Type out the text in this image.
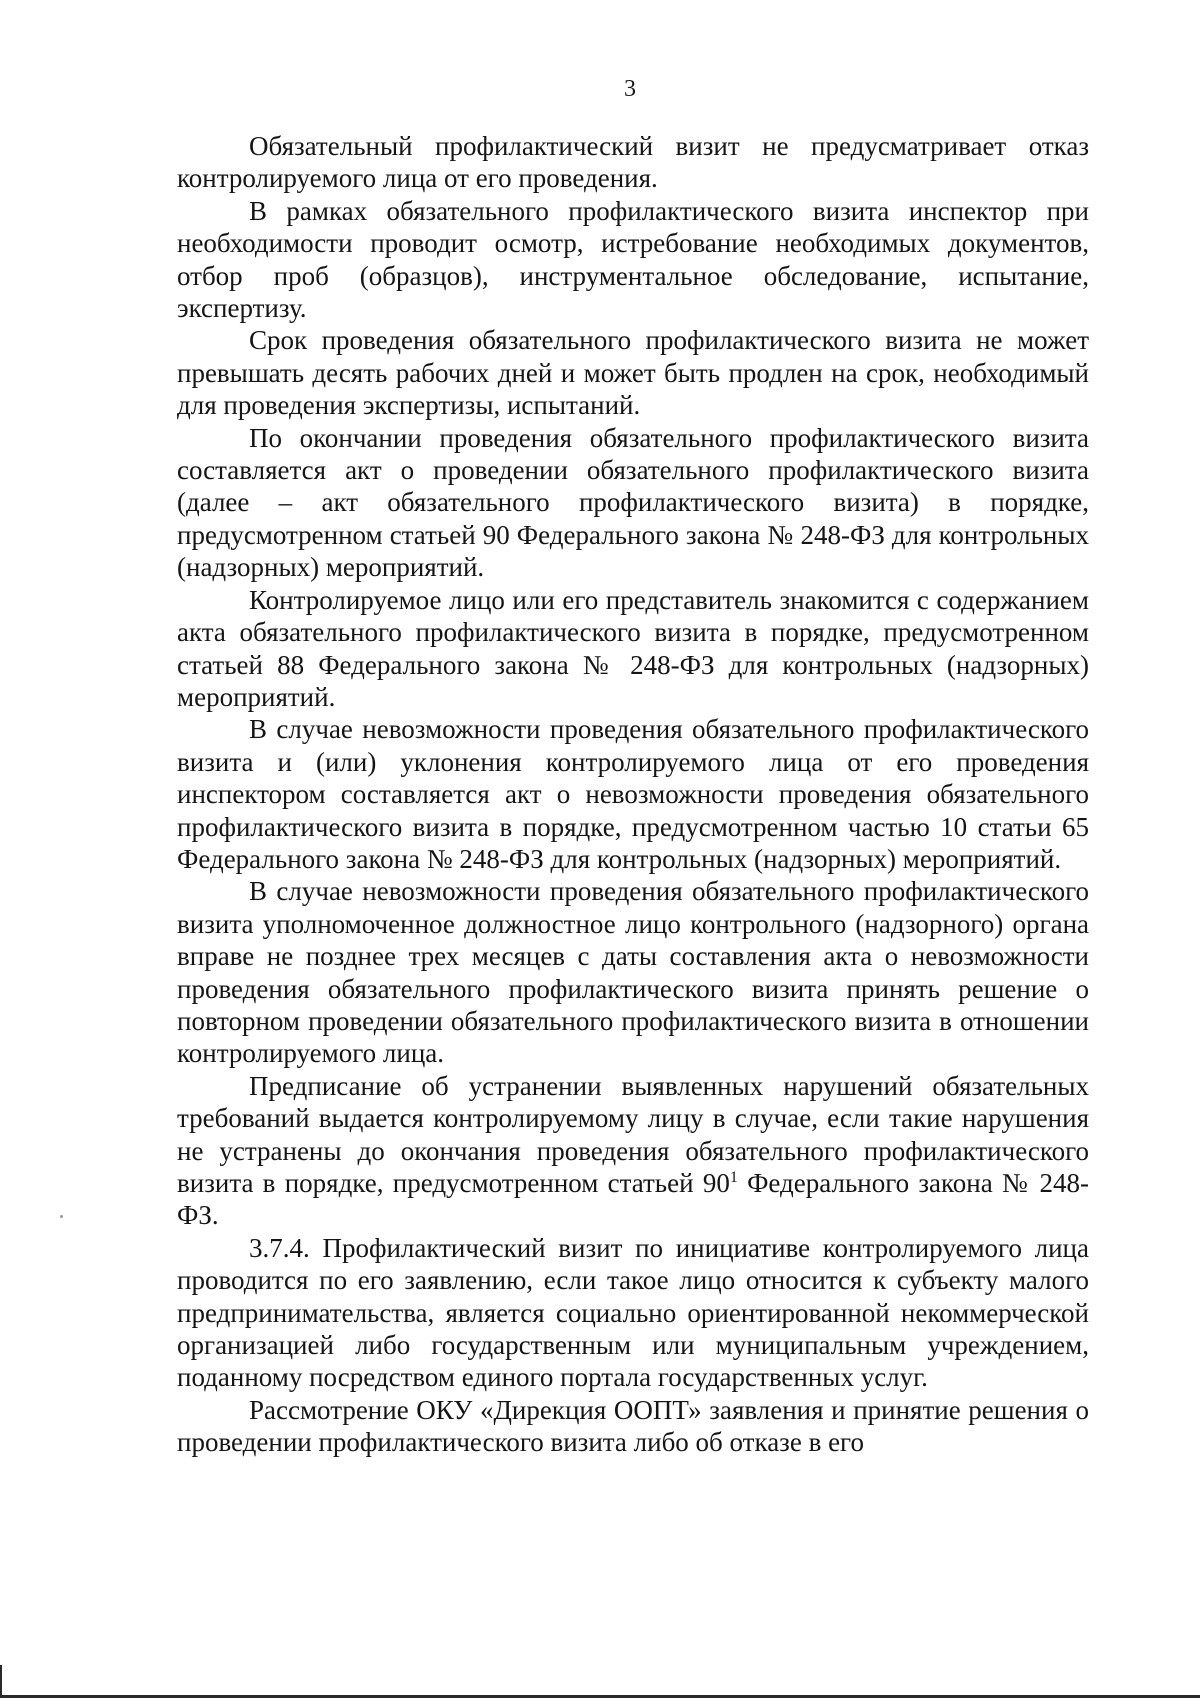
3

Обязательный профилактический визит не предусматривает отказ контролируемого лица от его проведения.

В рамках обязательного профилактического визита инспектор при необходимости проводит осмотр, истребование необходимых документов, отбор проб (образцов), инструментальное обследование, испытание, экспертизу.

Срок проведения обязательного профилактического визита не может превышать десять рабочих дней и может быть продлен на срок, необходимый для проведения экспертизы, испытаний.

По окончании проведения обязательного профилактического визита составляется акт о проведении обязательного профилактического визита (далее – акт обязательного профилактического визита) в порядке, предусмотренном статьей 90 Федерального закона № 248-ФЗ для контрольных (надзорных) мероприятий.

Контролируемое лицо или его представитель знакомится с содержанием акта обязательного профилактического визита в порядке, предусмотренном статьей 88 Федерального закона № 248-ФЗ для контрольных (надзорных) мероприятий.

В случае невозможности проведения обязательного профилактического визита и (или) уклонения контролируемого лица от его проведения инспектором составляется акт о невозможности проведения обязательного профилактического визита в порядке, предусмотренном частью 10 статьи 65 Федерального закона № 248-ФЗ для контрольных (надзорных) мероприятий.

В случае невозможности проведения обязательного профилактического визита уполномоченное должностное лицо контрольного (надзорного) органа вправе не позднее трех месяцев с даты составления акта о невозможности проведения обязательного профилактического визита принять решение о повторном проведении обязательного профилактического визита в отношении контролируемого лица.

Предписание об устранении выявленных нарушений обязательных требований выдается контролируемому лицу в случае, если такие нарушения не устранены до окончания проведения обязательного профилактического визита в порядке, предусмотренном статьей $90^1$ Федерального закона № 248-ФЗ.

3.7.4. Профилактический визит по инициативе контролируемого лица проводится по его заявлению, если такое лицо относится к субъекту малого предпринимательства, является социально ориентированной некоммерческой организацией либо государственным или муниципальным учреждением, поданному посредством единого портала государственных услуг.

Рассмотрение ОКУ «Дирекция ООПТ» заявления и принятие решения о проведении профилактического визита либо об отказе в его
